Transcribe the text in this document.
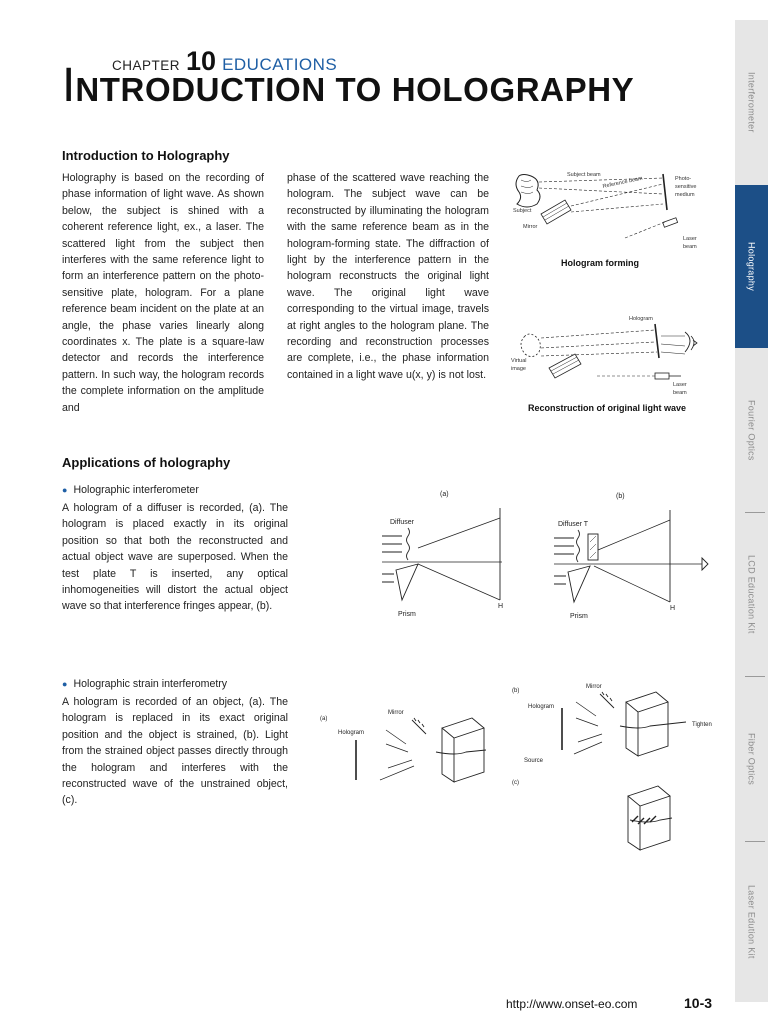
CHAPTER 10 EDUCATIONS
INTRODUCTION TO HOLOGRAPHY
Introduction to Holography

Holography is based on the recording of phase information of light wave. As shown below, the subject is shined with a coherent reference light, ex., a laser. The scattered light from the subject then interferes with the same reference light to form an interference pattern on the photo-sensitive plate, hologram. For a plane reference beam incident on the plate at an angle, the phase varies linearly along coordinates x. The plate is a square-law detector and records the interference pattern. In such way, the hologram records the complete information on the amplitude and

phase of the scattered wave reaching the hologram. The subject wave can be reconstructed by illuminating the hologram with the same reference beam as in the hologram-forming state. The diffraction of light by the interference pattern in the hologram reconstructs the original light wave. The original light wave corresponding to the virtual image, travels at right angles to the hologram plane. The recording and reconstruction processes are complete, i.e., the phase information contained in a light wave u(x, y) is not lost.

Subject beam
Reference beam	Photo-
sensitive
medium
Subject
Mirror
Laser
beam
Hologram forming
Hologram
Virtual
image
Laser
beam
Reconstruction of original light wave
Applications of holography
● Holographic interferometer

A hologram of a diffuser is recorded, (a). The hologram is placed exactly in its original position so that both the reconstructed and actual object wave are superposed. When the test plate T is inserted, any optical inhomogeneities will distort the actual object wave so that interference fringes appear, (b).

(a)	(b)
Diffuser	Diffuser T
Prism	Prism
H	H
● Holographic strain interferometry

A hologram is recorded of an object, (a). The hologram is replaced in its exact original position and the object is strained, (b). Light from the strained object passes directly through the hologram and interferes with the reconstructed wave of the unstrained object, (c).

(a)
(b)
(c)
Mirror
Mirror
Hologram
Hologram
Source
Tighten
Interferometer
Holography
Fourier Optics
LCD Education Kit
Fiber Optics
Laser Edution Kit
http://www.onset-eo.com	10-3
